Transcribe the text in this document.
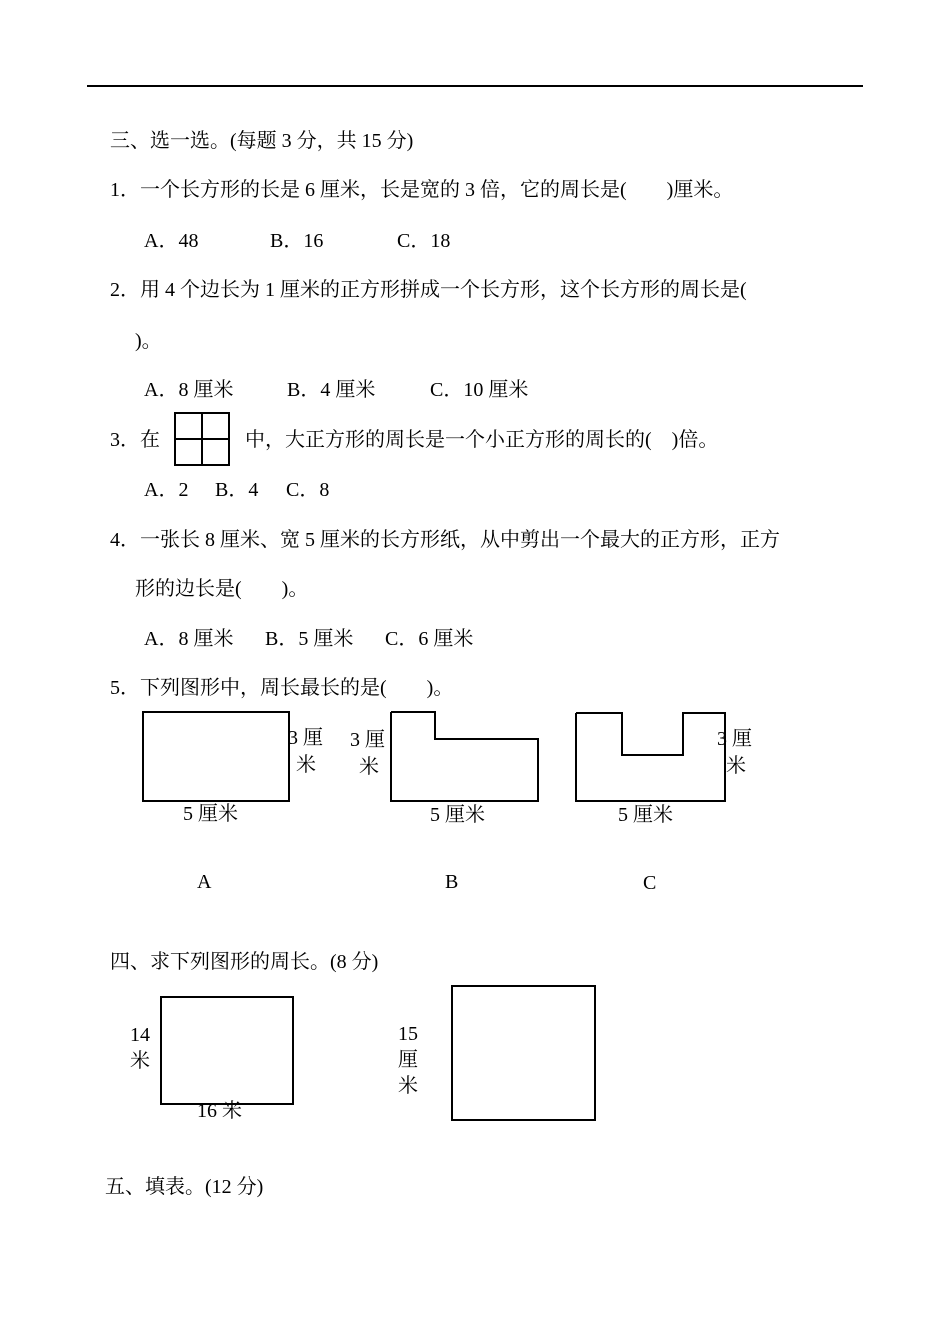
三、选一选。(每题 3 分，共 15 分)
1．一个长方形的长是 6 厘米，长是宽的 3 倍，它的周长是(　　)厘米。
A．48	B．16	C．18
2．用 4 个边长为 1 厘米的正方形拼成一个长方形，这个长方形的周长是(
)。
A．8 厘米	B．4 厘米	C．10 厘米
3．在	中，大正方形的周长是一个小正方形的周长的(　)倍。
A．2 B．4 C．8
4．一张长 8 厘米、宽 5 厘米的长方形纸，从中剪出一个最大的正方形，正方
形的边长是(　　)。
A．8 厘米 B．5 厘米 C．6 厘米
5．下列图形中，周长最长的是(　　)。
3 厘
米
5 厘米
A
3 厘
米
5 厘米
B
3 厘
米
5 厘米
C
四、求下列图形的周长。(8 分)
14
米
16 米
15
厘
米
五、填表。(12 分)
